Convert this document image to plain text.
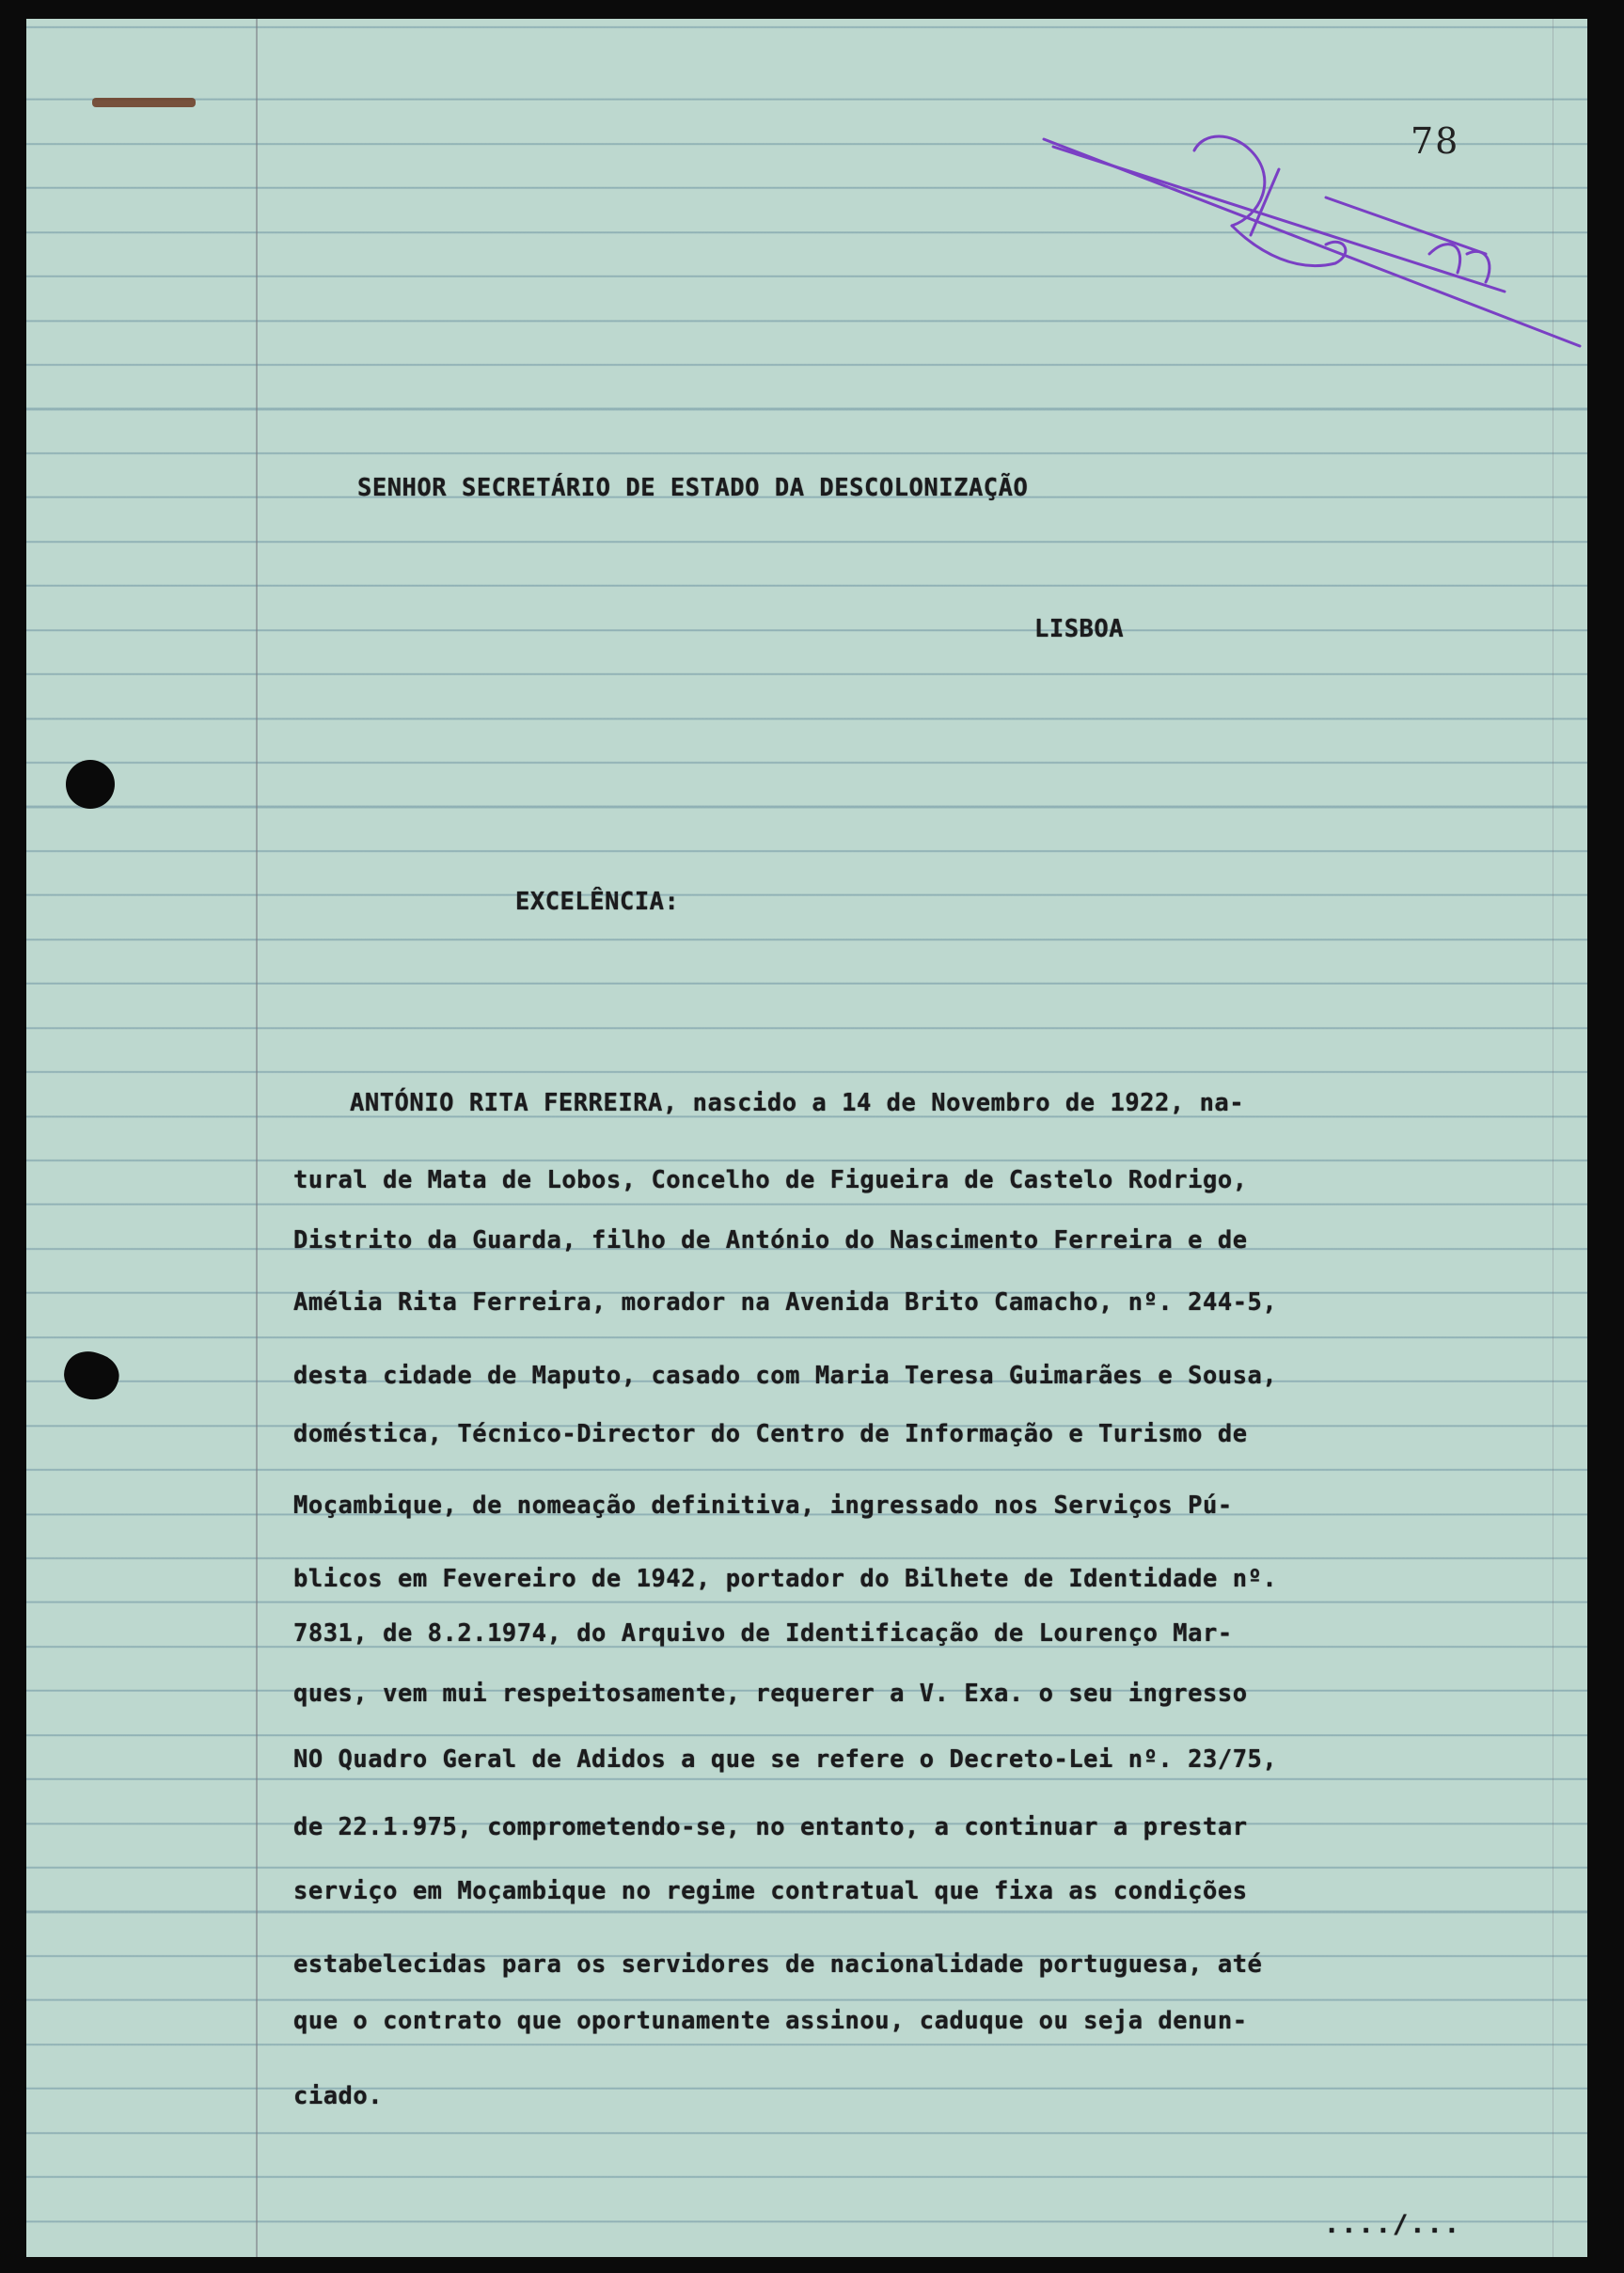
78
SENHOR SECRETÁRIO DE ESTADO DA DESCOLONIZAÇÃO
LISBOA
EXCELÊNCIA:
ANTÓNIO RITA FERREIRA, nascido a 14 de Novembro de 1922, na-
tural de Mata de Lobos, Concelho de Figueira de Castelo Rodrigo,
Distrito da Guarda, filho de António do Nascimento Ferreira e de
Amélia Rita Ferreira, morador na Avenida Brito Camacho, nº. 244-5,
desta cidade de Maputo, casado com Maria Teresa Guimarães e Sousa,
doméstica, Técnico-Director do Centro de Informação e Turismo de
Moçambique, de nomeação definitiva, ingressado nos Serviços Pú-
blicos em Fevereiro de 1942, portador do Bilhete de Identidade nº.
7831, de 8.2.1974, do Arquivo de Identificação de Lourenço Mar-
ques, vem mui respeitosamente, requerer a V. Exa. o seu ingresso
NO Quadro Geral de Adidos a que se refere o Decreto-Lei nº. 23/75,
de 22.1.975, comprometendo-se, no entanto, a continuar a prestar
serviço em Moçambique no regime contratual que fixa as condições
estabelecidas para os servidores de nacionalidade portuguesa, até
que o contrato que oportunamente assinou, caduque ou seja denun-
ciado.
..../...
